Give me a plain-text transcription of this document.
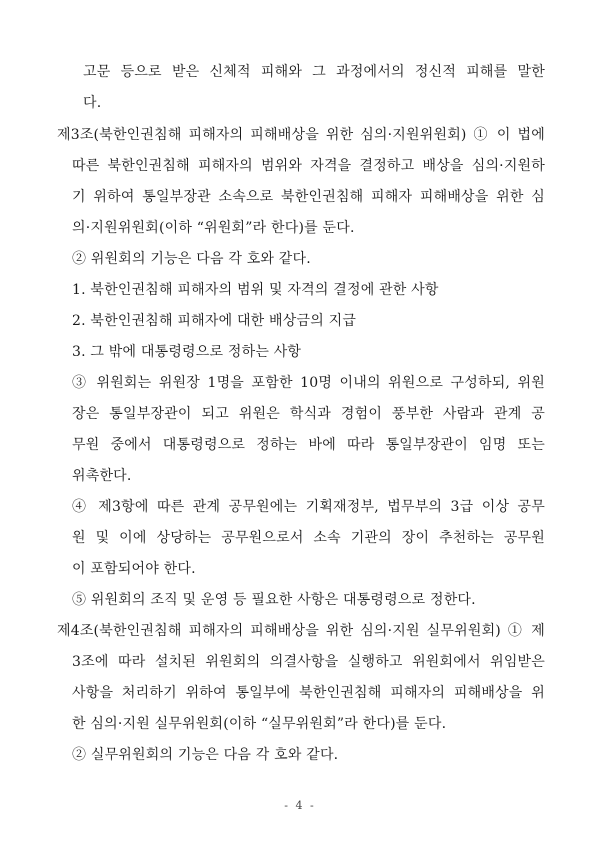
고문 등으로 받은 신체적 피해와 그 과정에서의 정신적 피해를 말한
다.
제3조(북한인권침해 피해자의 피해배상을 위한 심의·지원위원회) ① 이 법에
따른 북한인권침해 피해자의 범위와 자격을 결정하고 배상을 심의·지원하
기 위하여 통일부장관 소속으로 북한인권침해 피해자 피해배상을 위한 심
의·지원위원회(이하 “위원회”라 한다)를 둔다.
② 위원회의 기능은 다음 각 호와 같다.
1. 북한인권침해 피해자의 범위 및 자격의 결정에 관한 사항
2. 북한인권침해 피해자에 대한 배상금의 지급
3. 그 밖에 대통령령으로 정하는 사항
③ 위원회는 위원장 1명을 포함한 10명 이내의 위원으로 구성하되, 위원
장은 통일부장관이 되고 위원은 학식과 경험이 풍부한 사람과 관계 공
무원 중에서 대통령령으로 정하는 바에 따라 통일부장관이 임명 또는
위촉한다.
④ 제3항에 따른 관계 공무원에는 기획재정부, 법무부의 3급 이상 공무
원 및 이에 상당하는 공무원으로서 소속 기관의 장이 추천하는 공무원
이 포함되어야 한다.
⑤ 위원회의 조직 및 운영 등 필요한 사항은 대통령령으로 정한다.
제4조(북한인권침해 피해자의 피해배상을 위한 심의·지원 실무위원회) ① 제
3조에 따라 설치된 위원회의 의결사항을 실행하고 위원회에서 위임받은
사항을 처리하기 위하여 통일부에 북한인권침해 피해자의 피해배상을 위
한 심의·지원 실무위원회(이하 “실무위원회”라 한다)를 둔다.
② 실무위원회의 기능은 다음 각 호와 같다.
- 4 -
